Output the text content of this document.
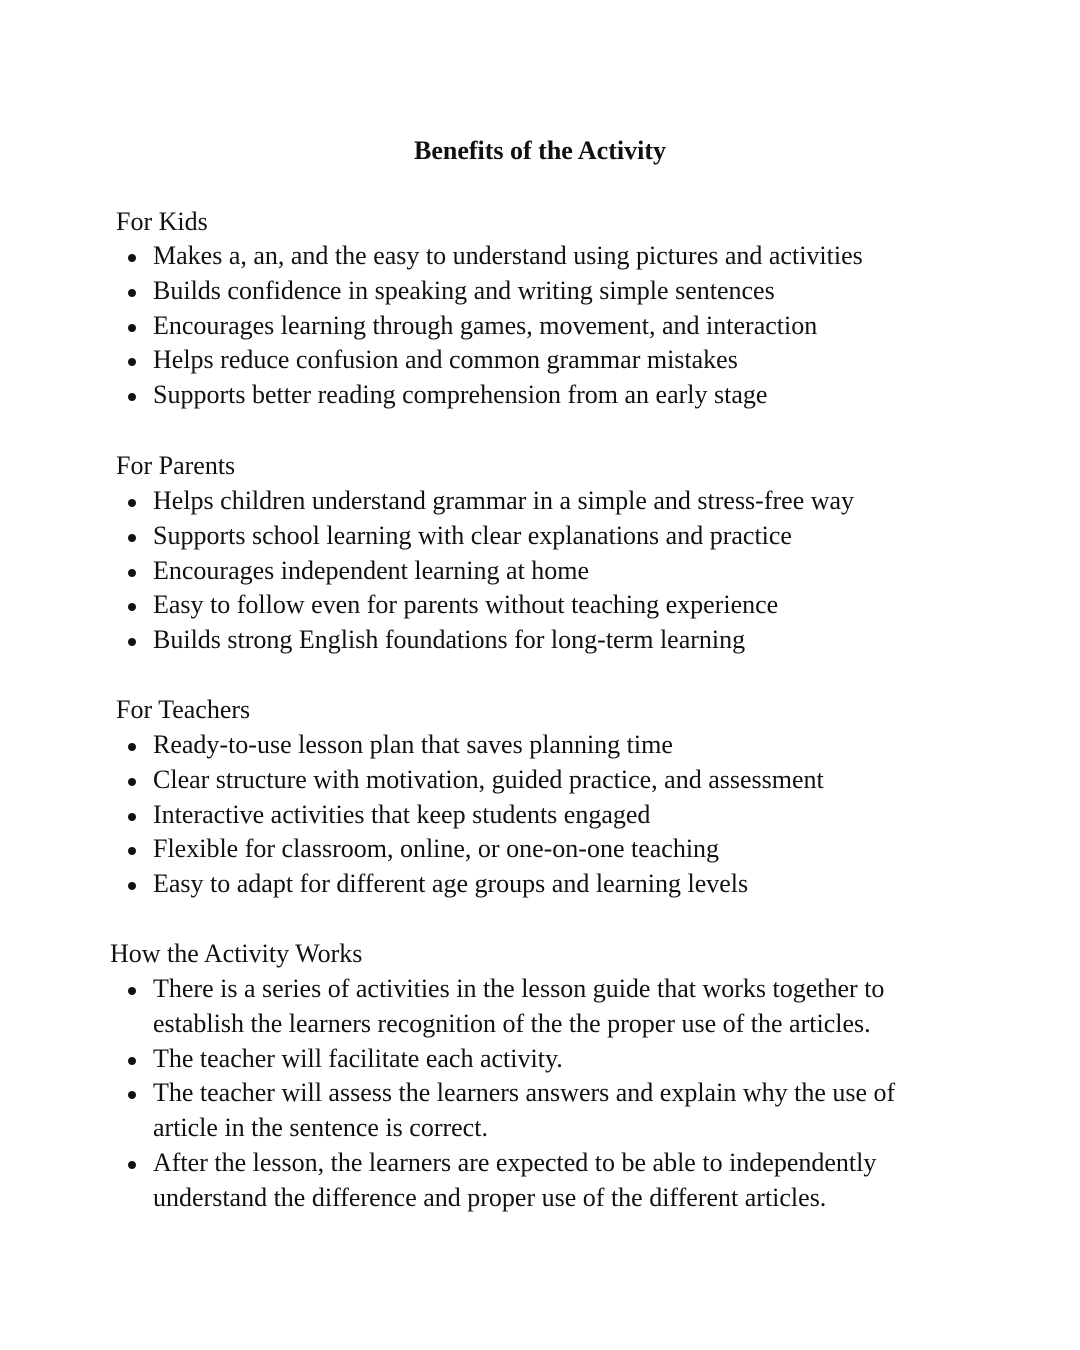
Benefits of the Activity
For Kids
Makes a, an, and the easy to understand using pictures and activities
Builds confidence in speaking and writing simple sentences
Encourages learning through games, movement, and interaction
Helps reduce confusion and common grammar mistakes
Supports better reading comprehension from an early stage
For Parents
Helps children understand grammar in a simple and stress-free way
Supports school learning with clear explanations and practice
Encourages independent learning at home
Easy to follow even for parents without teaching experience
Builds strong English foundations for long-term learning
For Teachers
Ready-to-use lesson plan that saves planning time
Clear structure with motivation, guided practice, and assessment
Interactive activities that keep students engaged
Flexible for classroom, online, or one-on-one teaching
Easy to adapt for different age groups and learning levels
How the Activity Works
There is a series of activities in the lesson guide that works together to establish the learners recognition of the the proper use of the articles.
The teacher will facilitate each activity.
The teacher will assess the learners answers and explain why the use of article in the sentence is correct.
After the lesson, the learners are expected to be able to independently understand the difference and proper use of the different articles.
